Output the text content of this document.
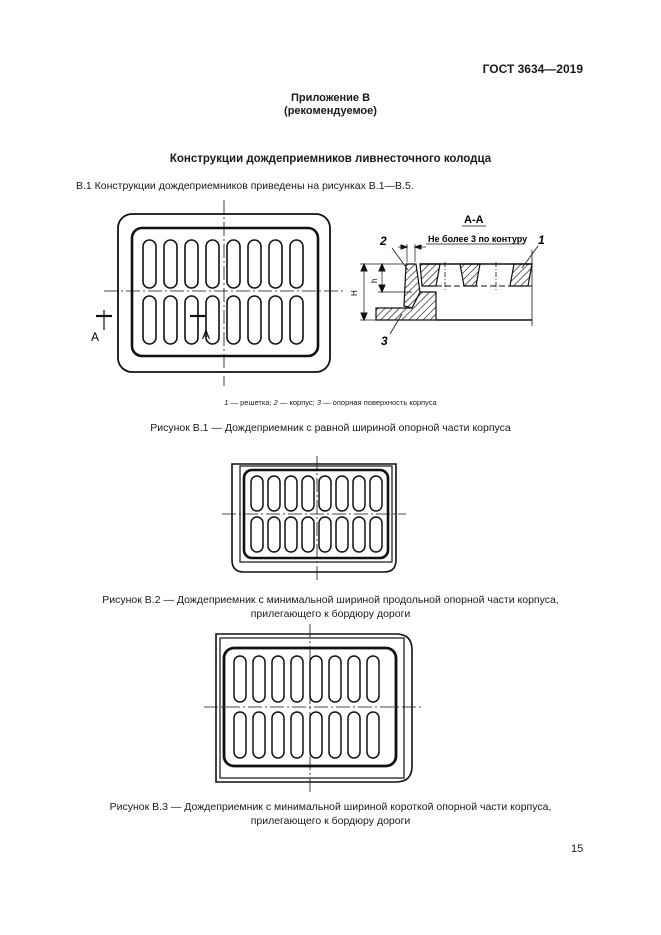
ГОСТ 3634—2019
Приложение В
(рекомендуемое)
Конструкции дождеприемников ливнесточного колодца
В.1 Конструкции дождеприемников приведены на рисунках В.1—В.5.
А	А
А-А
Не более 3 по контуру
2	1
3
H
h
1 — решетка; 2 — корпус; 3 — опорная поверхность корпуса
Рисунок В.1 — Дождеприемник с равной шириной опорной части корпуса
Рисунок В.2 — Дождеприемник с минимальной шириной продольной опорной части корпуса,
прилегающего к бордюру дороги
Рисунок В.3 — Дождеприемник с минимальной шириной короткой опорной части корпуса,
прилегающего к бордюру дороги
15
